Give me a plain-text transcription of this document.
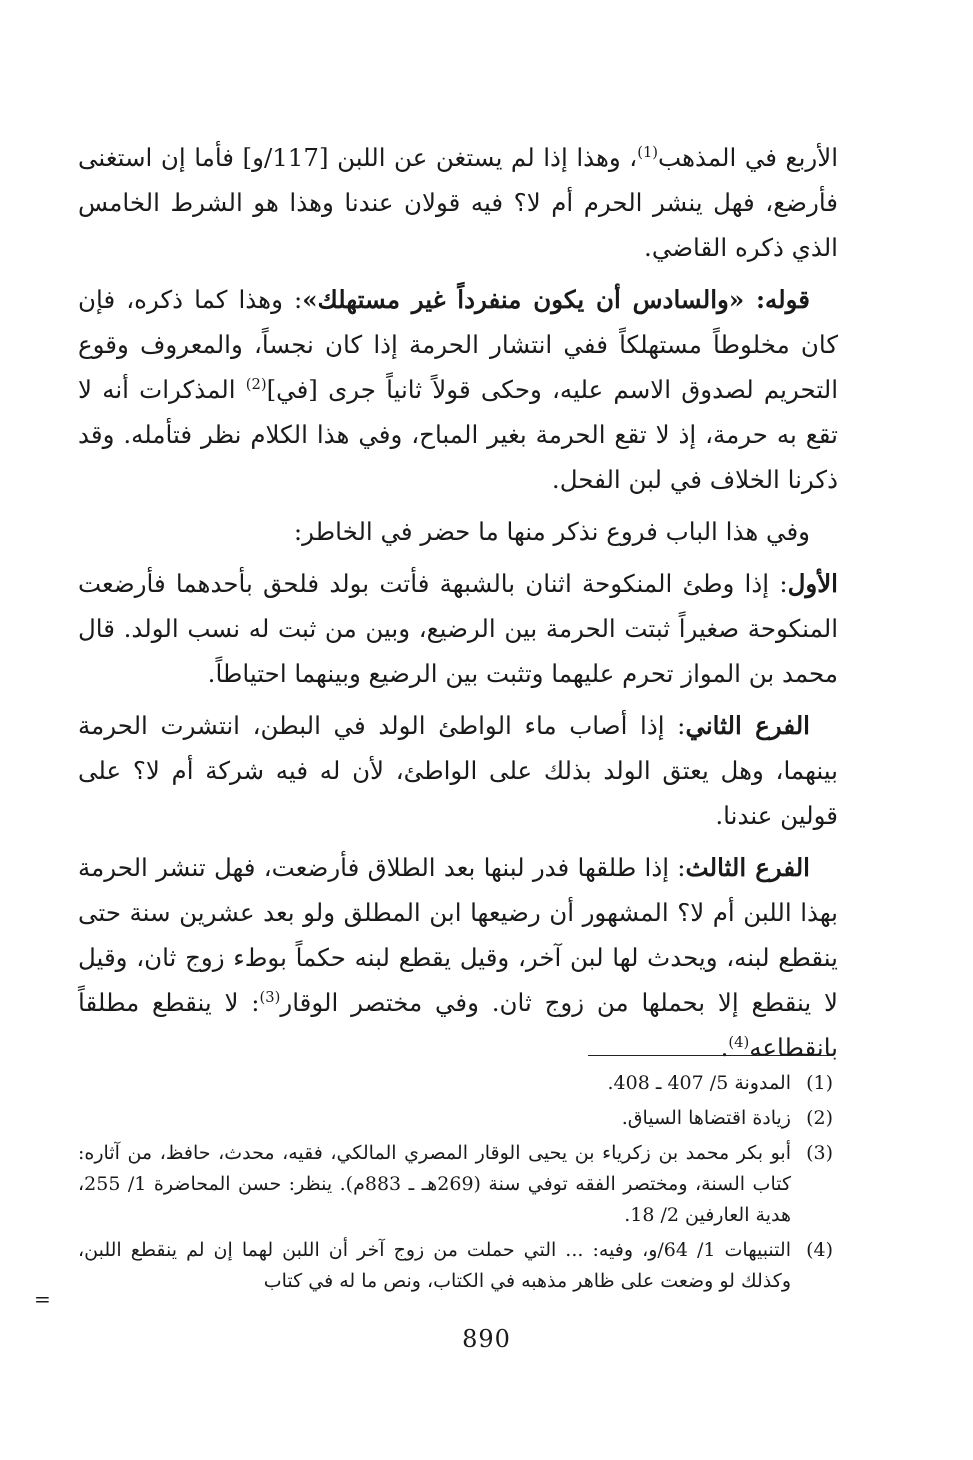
الأربع في المذهب$^{(1)}$، وهذا إذا لم يستغن عن اللبن [117/و] فأما إن استغنى فأرضع، فهل ينشر الحرم أم لا؟ فيه قولان عندنا وهذا هو الشرط الخامس الذي ذكره القاضي.

قوله: «والسادس أن يكون منفرداً غير مستهلك»: وهذا كما ذكره، فإن كان مخلوطاً مستهلكاً ففي انتشار الحرمة إذا كان نجساً، والمعروف وقوع التحريم لصدوق الاسم عليه، وحكى قولاً ثانياً جرى [في]$^{(2)}$ المذكرات أنه لا تقع به حرمة، إذ لا تقع الحرمة بغير المباح، وفي هذا الكلام نظر فتأمله. وقد ذكرنا الخلاف في لبن الفحل.

وفي هذا الباب فروع نذكر منها ما حضر في الخاطر:

الأول: إذا وطئ المنكوحة اثنان بالشبهة فأتت بولد فلحق بأحدهما فأرضعت المنكوحة صغيراً ثبتت الحرمة بين الرضيع، وبين من ثبت له نسب الولد. قال محمد بن المواز تحرم عليهما وتثبت بين الرضيع وبينهما احتياطاً.

الفرع الثاني: إذا أصاب ماء الواطئ الولد في البطن، انتشرت الحرمة بينهما، وهل يعتق الولد بذلك على الواطئ، لأن له فيه شركة أم لا؟ على قولين عندنا.

الفرع الثالث: إذا طلقها فدر لبنها بعد الطلاق فأرضعت، فهل تنشر الحرمة بهذا اللبن أم لا؟ المشهور أن رضيعها ابن المطلق ولو بعد عشرين سنة حتى ينقطع لبنه، ويحدث لها لبن آخر، وقيل يقطع لبنه حكماً بوطء زوج ثان، وقيل لا ينقطع إلا بحملها من زوج ثان. وفي مختصر الوقار$^{(3)}$: لا ينقطع مطلقاً بانقطاعه$^{(4)}$.

(1)
المدونة 5/ 407 ـ 408.
(2)
زيادة اقتضاها السياق.
(3)
أبو بكر محمد بن زكرياء بن يحيى الوقار المصري المالكي، فقيه، محدث، حافظ، من آثاره: كتاب السنة، ومختصر الفقه توفي سنة (269هـ ـ 883م). ينظر: حسن المحاضرة 1/ 255، هدية العارفين 2/ 18.
(4)
التنبيهات 1/ 64/و، وفيه: ... التي حملت من زوج آخر أن اللبن لهما إن لم ينقطع اللبن، وكذلك لو وضعت على ظاهر مذهبه في الكتاب، ونص ما له في كتاب
=
890
